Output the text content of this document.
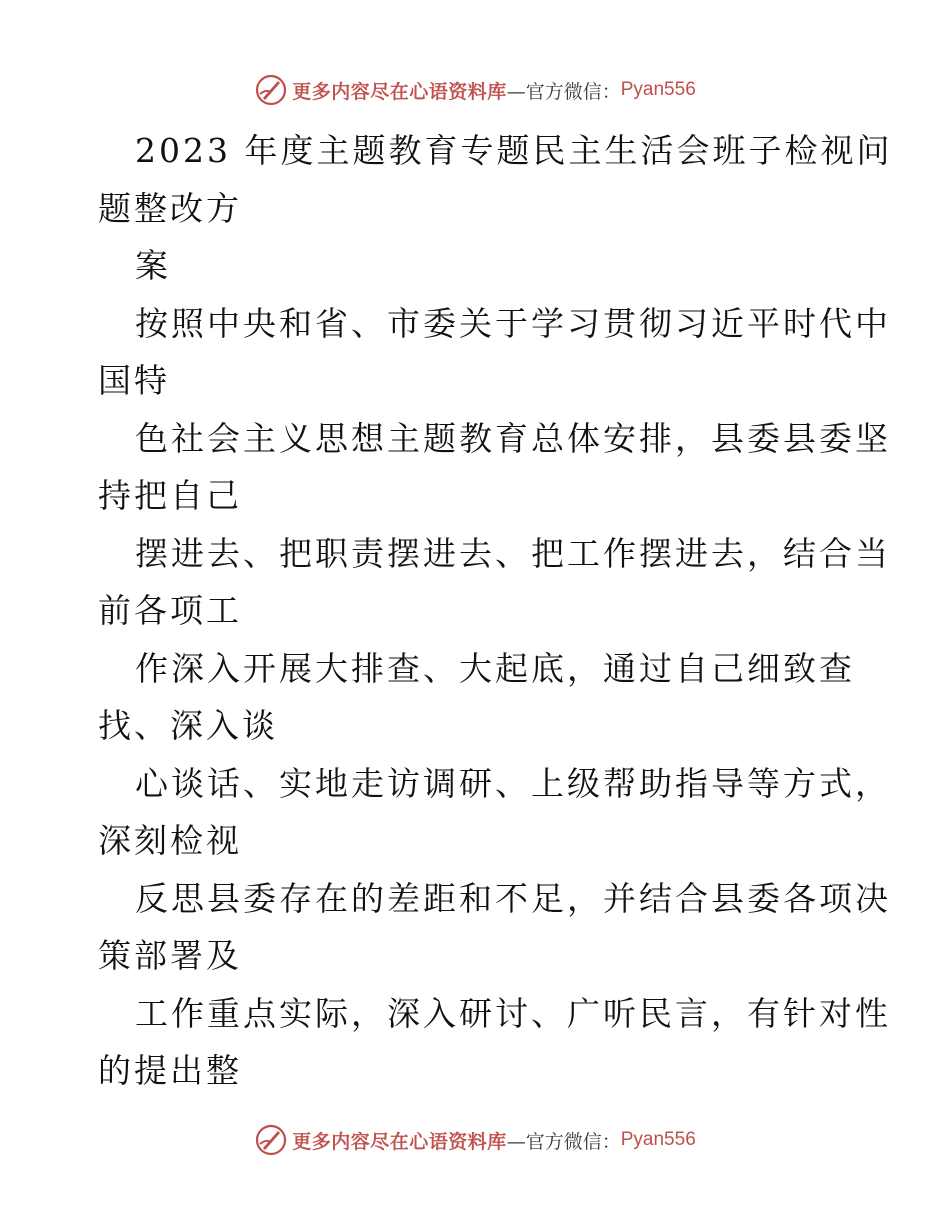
更多内容尽在心语资料库 —官方微信： Pyan556
2023 年度主题教育专题民主生活会班子检视问
题整改方
案
按照中央和省、市委关于学习贯彻习近平时代中
国特
色社会主义思想主题教育总体安排，县委县委坚
持把自己
摆进去、把职责摆进去、把工作摆进去，结合当
前各项工
作深入开展大排查、大起底，通过自己细致查
找、深入谈
心谈话、实地走访调研、上级帮助指导等方式，
深刻检视
反思县委存在的差距和不足，并结合县委各项决
策部署及
工作重点实际，深入研讨、广听民言，有针对性
的提出整
更多内容尽在心语资料库 —官方微信： Pyan556
